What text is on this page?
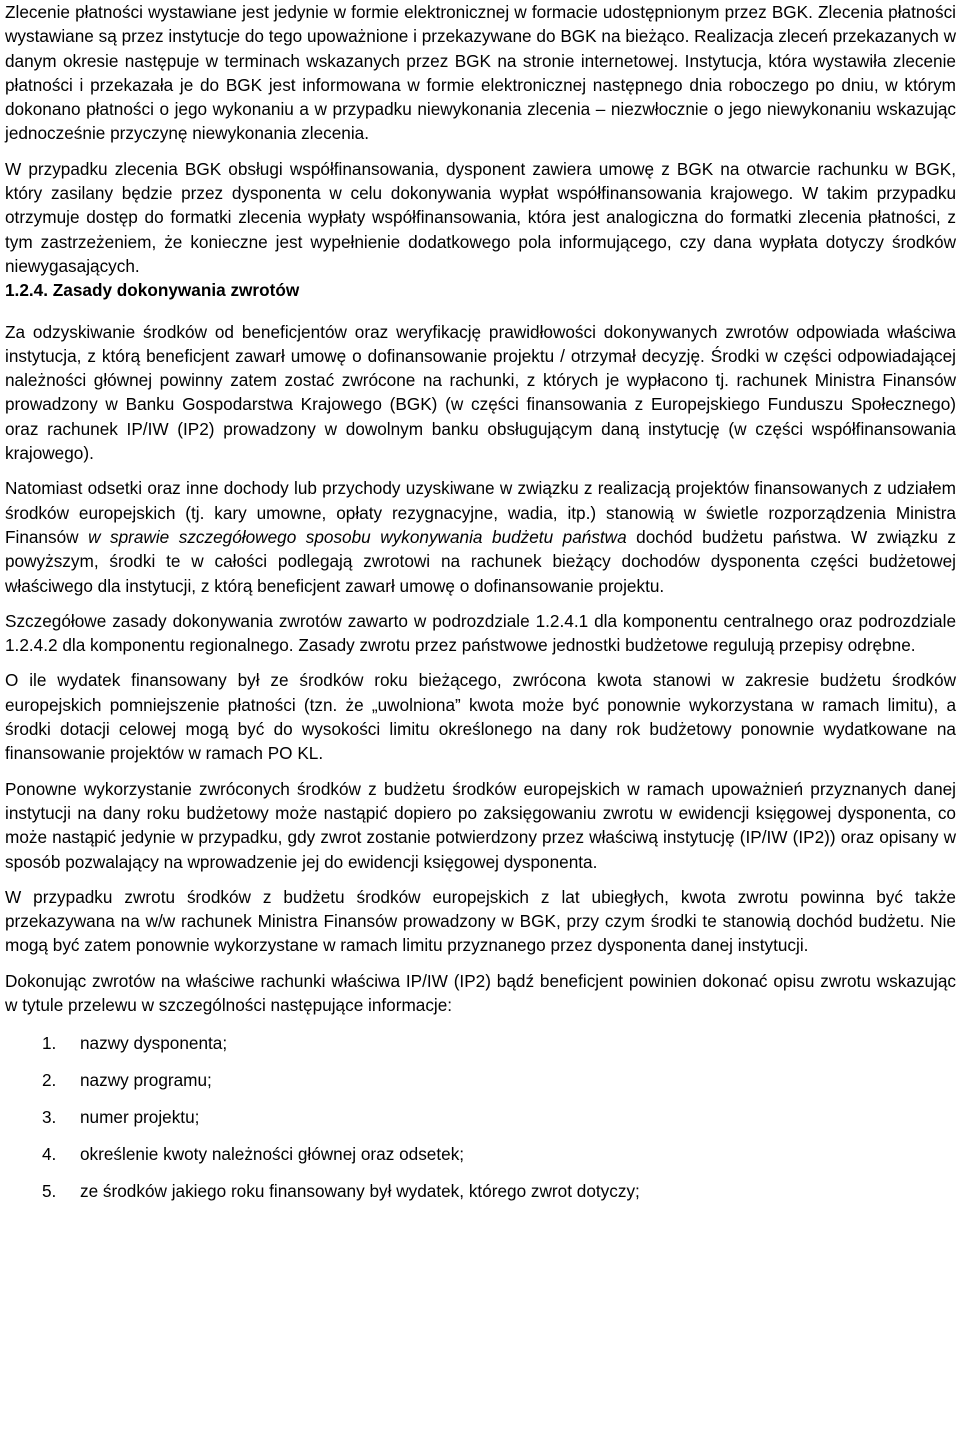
Zlecenie płatności wystawiane jest jedynie w formie elektronicznej w formacie udostępnionym przez BGK. Zlecenia płatności wystawiane są przez instytucje do tego upoważnione i przekazywane do BGK na bieżąco. Realizacja zleceń przekazanych w danym okresie następuje w terminach wskazanych przez BGK na stronie internetowej. Instytucja, która wystawiła zlecenie płatności i przekazała je do BGK jest informowana w formie elektronicznej następnego dnia roboczego po dniu, w którym dokonano płatności o jego wykonaniu a w przypadku niewykonania zlecenia – niezwłocznie o jego niewykonaniu wskazując jednocześnie przyczynę niewykonania zlecenia.

W przypadku zlecenia BGK obsługi współfinansowania, dysponent zawiera umowę z BGK na otwarcie rachunku w BGK, który zasilany będzie przez dysponenta w celu dokonywania wypłat współfinansowania krajowego. W takim przypadku otrzymuje dostęp do formatki zlecenia wypłaty współfinansowania, która jest analogiczna do formatki zlecenia płatności, z tym zastrzeżeniem, że konieczne jest wypełnienie dodatkowego pola informującego, czy dana wypłata dotyczy środków niewygasających.

1.2.4. Zasady dokonywania zwrotów

Za odzyskiwanie środków od beneficjentów oraz weryfikację prawidłowości dokonywanych zwrotów odpowiada właściwa instytucja, z którą beneficjent zawarł umowę o dofinansowanie projektu / otrzymał decyzję. Środki w części odpowiadającej należności głównej powinny zatem zostać zwrócone na rachunki, z których je wypłacono tj. rachunek Ministra Finansów prowadzony w Banku Gospodarstwa Krajowego (BGK) (w części finansowania z Europejskiego Funduszu Społecznego) oraz rachunek IP/IW (IP2) prowadzony w dowolnym banku obsługującym daną instytucję (w części współfinansowania krajowego).

Natomiast odsetki oraz inne dochody lub przychody uzyskiwane w związku z realizacją projektów finansowanych z udziałem środków europejskich (tj. kary umowne, opłaty rezygnacyjne, wadia, itp.) stanowią w świetle rozporządzenia Ministra Finansów w sprawie szczegółowego sposobu wykonywania budżetu państwa dochód budżetu państwa. W związku z powyższym, środki te w całości podlegają zwrotowi na rachunek bieżący dochodów dysponenta części budżetowej właściwego dla instytucji, z którą beneficjent zawarł umowę o dofinansowanie projektu.

Szczegółowe zasady dokonywania zwrotów zawarto w podrozdziale 1.2.4.1 dla komponentu centralnego oraz podrozdziale 1.2.4.2 dla komponentu regionalnego. Zasady zwrotu przez państwowe jednostki budżetowe regulują przepisy odrębne.

O ile wydatek finansowany był ze środków roku bieżącego, zwrócona kwota stanowi w zakresie budżetu środków europejskich pomniejszenie płatności (tzn. że „uwolniona” kwota może być ponownie wykorzystana w ramach limitu), a środki dotacji celowej mogą być do wysokości limitu określonego na dany rok budżetowy ponownie wydatkowane na finansowanie projektów w ramach PO KL.

Ponowne wykorzystanie zwróconych środków z budżetu środków europejskich w ramach upoważnień przyznanych danej instytucji na dany roku budżetowy może nastąpić dopiero po zaksięgowaniu zwrotu w ewidencji księgowej dysponenta, co może nastąpić jedynie w przypadku, gdy zwrot zostanie potwierdzony przez właściwą instytucję (IP/IW (IP2)) oraz opisany w sposób pozwalający na wprowadzenie jej do ewidencji księgowej dysponenta.

W przypadku zwrotu środków z budżetu środków europejskich z lat ubiegłych, kwota zwrotu powinna być także przekazywana na w/w rachunek Ministra Finansów prowadzony w BGK, przy czym środki te stanowią dochód budżetu. Nie mogą być zatem ponownie wykorzystane w ramach limitu przyznanego przez dysponenta danej instytucji.

Dokonując zwrotów na właściwe rachunki właściwa IP/IW (IP2) bądź beneficjent powinien dokonać opisu zwrotu wskazując w tytule przelewu w szczególności następujące informacje:

1.	nazwy dysponenta;
2.	nazwy programu;
3.	numer projektu;
4.	określenie kwoty należności głównej oraz odsetek;
5.	ze środków jakiego roku finansowany był wydatek, którego zwrot dotyczy;
